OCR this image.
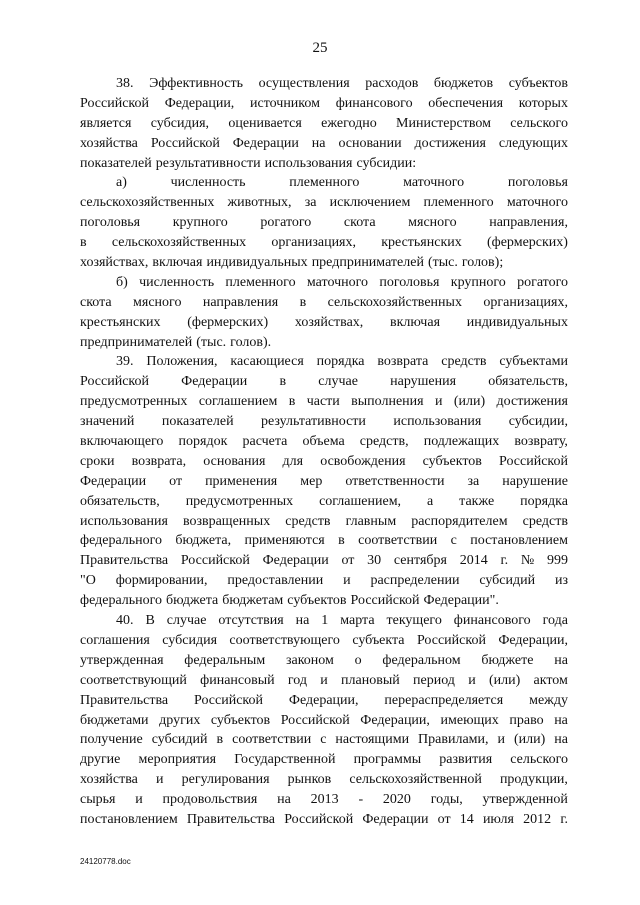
25
38. Эффективность осуществления расходов бюджетов субъектов
Российской Федерации, источником финансового обеспечения которых
является субсидия, оценивается ежегодно Министерством сельского
хозяйства Российской Федерации на основании достижения следующих
показателей результативности использования субсидии:
а)	численность	племенного	маточного	поголовья
сельскохозяйственных животных, за исключением племенного маточного
поголовья крупного рогатого скота мясного направления,
в сельскохозяйственных организациях, крестьянских (фермерских)
хозяйствах, включая индивидуальных предпринимателей (тыс. голов);
б) численность племенного маточного поголовья крупного рогатого
скота мясного направления в сельскохозяйственных организациях,
крестьянских (фермерских) хозяйствах, включая индивидуальных
предпринимателей (тыс. голов).
39. Положения, касающиеся порядка возврата средств субъектами
Российской Федерации в случае нарушения обязательств,
предусмотренных соглашением в части выполнения и (или) достижения
значений показателей результативности использования субсидии,
включающего порядок расчета объема средств, подлежащих возврату,
сроки возврата, основания для освобождения субъектов Российской
Федерации от применения мер ответственности за нарушение
обязательств, предусмотренных соглашением, а также порядка
использования возвращенных средств главным распорядителем средств
федерального бюджета, применяются в соответствии с постановлением
Правительства Российской Федерации от 30 сентября 2014 г. № 999
"О формировании, предоставлении и распределении субсидий из
федерального бюджета бюджетам субъектов Российской Федерации".
40. В случае отсутствия на 1 марта текущего финансового года
соглашения субсидия соответствующего субъекта Российской Федерации,
утвержденная федеральным законом о федеральном бюджете на
соответствующий финансовый год и плановый период и (или) актом
Правительства Российской Федерации, перераспределяется между
бюджетами других субъектов Российской Федерации, имеющих право на
получение субсидий в соответствии с настоящими Правилами, и (или) на
другие мероприятия Государственной программы развития сельского
хозяйства и регулирования рынков сельскохозяйственной продукции,
сырья и продовольствия на 2013 - 2020 годы, утвержденной
постановлением Правительства Российской Федерации от 14 июля 2012 г.
24120778.doc
